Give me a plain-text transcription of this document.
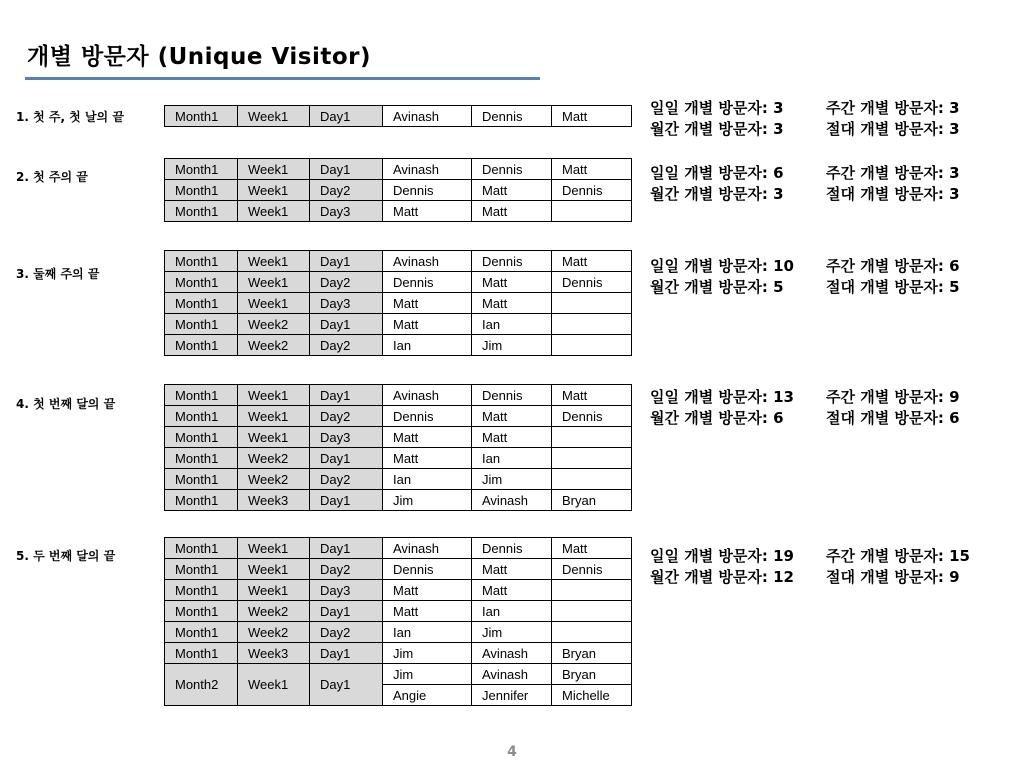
개별 방문자 (Unique Visitor)
1. 첫 주, 첫 날의 끝	Month1	Week1	Day1	Avinash	Dennis	Matt	일일 개별 방문자: 3	주간 개별 방문자: 3
월간 개별 방문자: 3	절대 개별 방문자: 3
2. 첫 주의 끝
Month1	Week1	Day1	Avinash	Dennis	Matt
Month1	Week1	Day2	Dennis	Matt	Dennis
Month1	Week1	Day3	Matt	Matt	
일일 개별 방문자: 6	주간 개별 방문자: 3
월간 개별 방문자: 3	절대 개별 방문자: 3
3. 둘째 주의 끝
Month1	Week1	Day1	Avinash	Dennis	Matt
Month1	Week1	Day2	Dennis	Matt	Dennis
Month1	Week1	Day3	Matt	Matt	
Month1	Week2	Day1	Matt	Ian	
Month1	Week2	Day2	Ian	Jim	
일일 개별 방문자: 10 주간 개별 방문자: 6
월간 개별 방문자: 5	절대 개별 방문자: 5
4. 첫 번째 달의 끝
Month1	Week1	Day1	Avinash	Dennis	Matt
Month1	Week1	Day2	Dennis	Matt	Dennis
Month1	Week1	Day3	Matt	Matt	
Month1	Week2	Day1	Matt	Ian	
Month1	Week2	Day2	Ian	Jim	
Month1	Week3	Day1	Jim	Avinash	Bryan
일일 개별 방문자: 13 주간 개별 방문자: 9
월간 개별 방문자: 6	절대 개별 방문자: 6
5. 두 번째 달의 끝
Month1	Week1	Day1	Avinash	Dennis	Matt
Month1	Week1	Day2	Dennis	Matt	Dennis
Month1	Week1	Day3	Matt	Matt	
Month1	Week2	Day1	Matt	Ian	
Month1	Week2	Day2	Ian	Jim	
Month1	Week3	Day1	Jim	Avinash	Bryan
Month2	Week1	Day1	Jim	Avinash	Bryan
			Angie	Jennifer	Michelle
일일 개별 방문자: 19 주간 개별 방문자: 15
월간 개별 방문자: 12 절대 개별 방문자: 9
4
